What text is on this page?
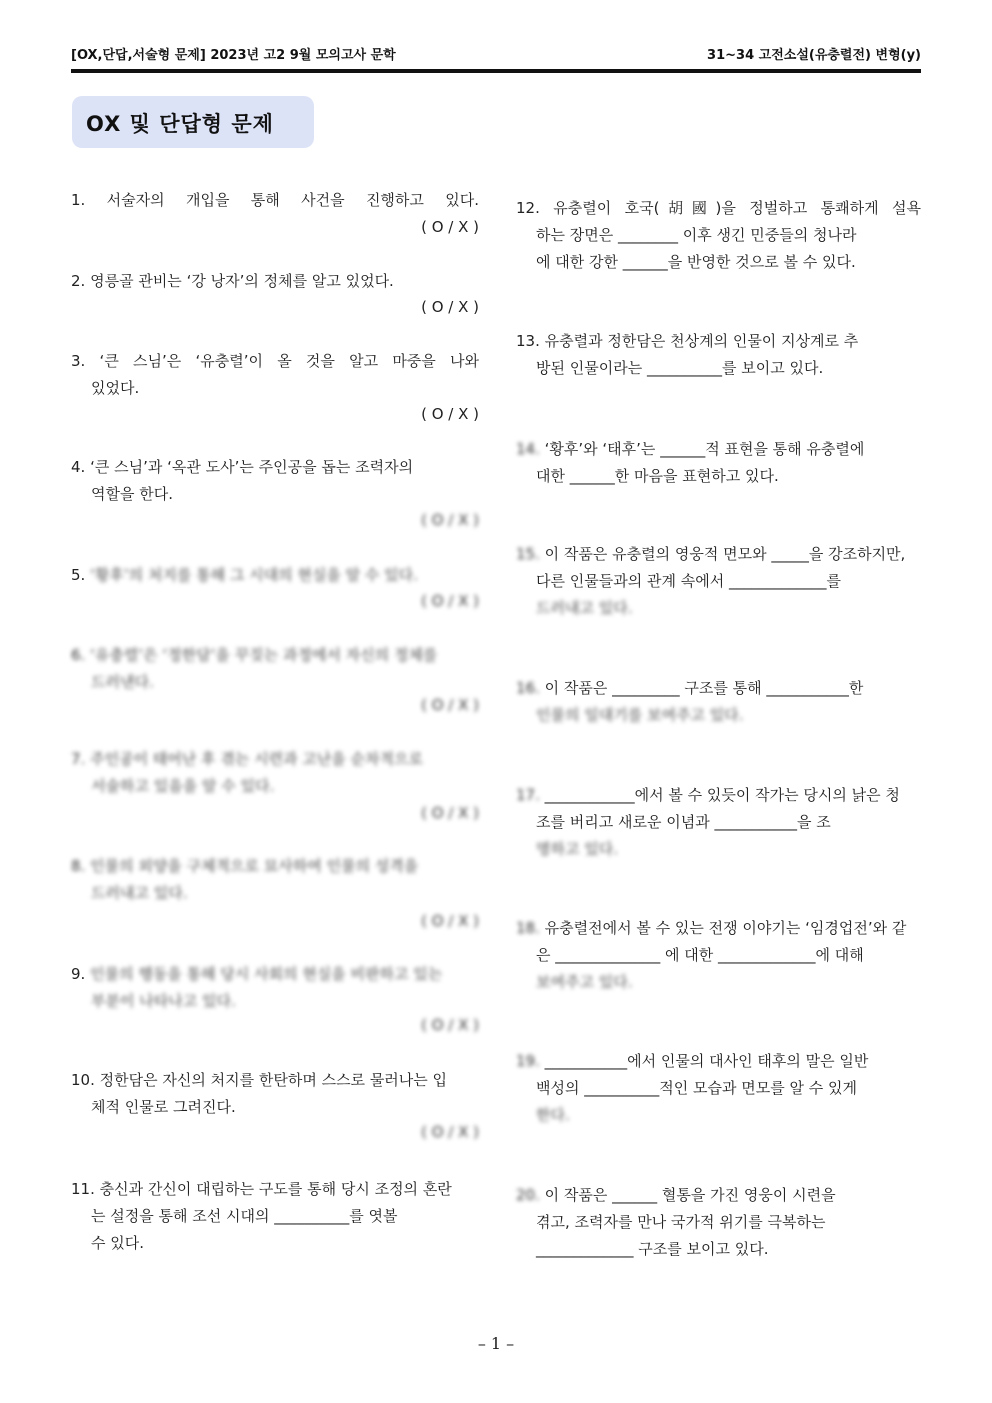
[OX,단답,서술형 문제] 2023년 고2 9월 모의고사 문학	31~34 고전소설(유충렬전) 변형(y)
OX 및 단답형 문제
1. 서술자의 개입을 통해 사건을 진행하고 있다.
( O / X )
2. 영릉골 관비는 ‘강 낭자’의 정체를 알고 있었다.
( O / X )
3. ‘큰 스님’은 ‘유충렬’이 올 것을 알고 마중을 나와
있었다.
( O / X )
4. ‘큰 스님’과 ‘옥관 도사’는 주인공을 돕는 조력자의
역할을 한다.
( O / X )
5. ‘황후’의 처지를 통해 그 시대의 현실을 알 수 있다.
( O / X )
6. ‘유충렬’은 ‘정한담’을 꾸짖는 과정에서 자신의 정체를
드러낸다.
( O / X )
7. 주인공이 태어난 후 겪는 시련과 고난을 순차적으로
서술하고 있음을 알 수 있다.
( O / X )
8. 인물의 외양을 구체적으로 묘사하여 인물의 성격을
드러내고 있다.
( O / X )
9. 인물의 행동을 통해 당시 사회의 현실을 비판하고 있는
부분이 나타나고 있다.
( O / X )
10. 정한담은 자신의 처지를 한탄하며 스스로 물러나는 입
체적 인물로 그려진다.
( O / X )
11. 충신과 간신이 대립하는 구도를 통해 당시 조정의 혼란
는 설정을 통해 조선 시대의 __________를 엿볼
수 있다.
12. 유충렬이 호국(胡國)을 정벌하고 통쾌하게 설욕
하는 장면은 ________ 이후 생긴 민중들의 청나라
에 대한 강한 ______을 반영한 것으로 볼 수 있다.
13. 유충렬과 정한담은 천상계의 인물이 지상계로 추
방된 인물이라는 __________를 보이고 있다.
14. ‘황후’와 ‘태후’는 ______적 표현을 통해 유충렬에
대한 ______한 마음을 표현하고 있다.
15. 이 작품은 유충렬의 영웅적 면모와 _____을 강조하지만,
다른 인물들과의 관계 속에서 _____________를
드러내고 있다.
16. 이 작품은 _________ 구조를 통해 ___________한
인물의 일대기를 보여주고 있다.
17. ____________에서 볼 수 있듯이 작가는 당시의 낡은 청
조를 버리고 새로운 이념과 ___________을 조
명하고 있다.
18. 유충렬전에서 볼 수 있는 전쟁 이야기는 ‘임경업전’와 같
은 ______________ 에 대한 _____________에 대해
보여주고 있다.
19. ___________에서 인물의 대사인 태후의 말은 일반
백성의 __________적인 모습과 면모를 알 수 있게
한다.
20. 이 작품은 ______ 혈통을 가진 영웅이 시련을
겪고, 조력자를 만나 국가적 위기를 극복하는
_____________ 구조를 보이고 있다.
– 1 –
